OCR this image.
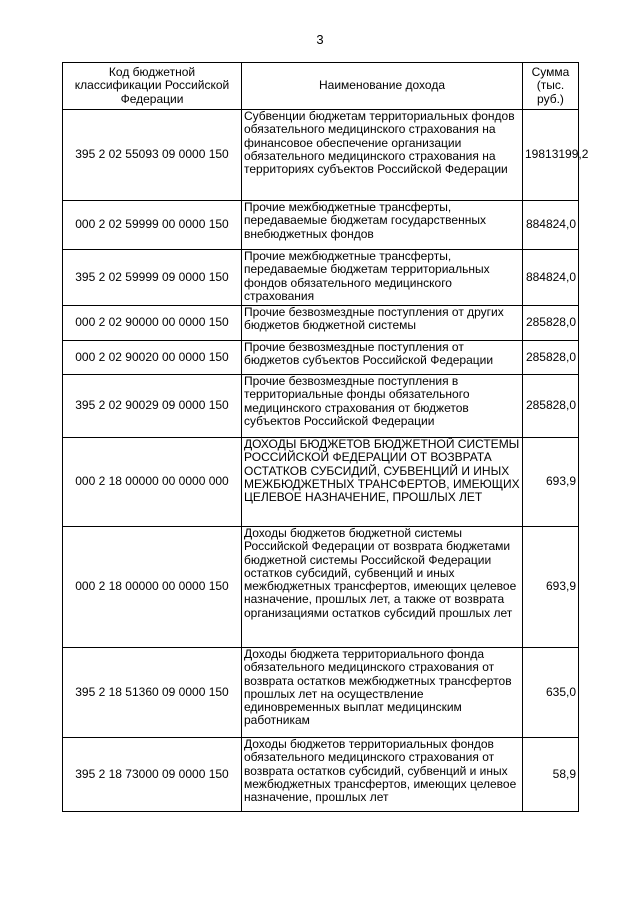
3
Код бюджетной классификации Российской Федерации	Наименование дохода	Сумма (тыс. руб.)
395 2 02 55093 09 0000 150	Субвенции бюджетам территориальных фондов обязательного медицинского страхования на финансовое обеспечение организации обязательного медицинского страхования на территориях субъектов Российской Федерации	19813199,2
000 2 02 59999 00 0000 150	Прочие межбюджетные трансферты, передаваемые бюджетам государственных внебюджетных фондов	884824,0
395 2 02 59999 09 0000 150	Прочие межбюджетные трансферты, передаваемые бюджетам территориальных фондов обязательного медицинского страхования	884824,0
000 2 02 90000 00 0000 150	Прочие безвозмездные поступления от других бюджетов бюджетной системы	285828,0
000 2 02 90020 00 0000 150	Прочие безвозмездные поступления от бюджетов субъектов Российской Федерации	285828,0
395 2 02 90029 09 0000 150	Прочие безвозмездные поступления в территориальные фонды обязательного медицинского страхования от бюджетов субъектов Российской Федерации	285828,0
000 2 18 00000 00 0000 000	ДОХОДЫ БЮДЖЕТОВ БЮДЖЕТНОЙ СИСТЕМЫ РОССИЙСКОЙ ФЕДЕРАЦИИ ОТ ВОЗВРАТА ОСТАТКОВ СУБСИДИЙ, СУБВЕНЦИЙ И ИНЫХ МЕЖБЮДЖЕТНЫХ ТРАНСФЕРТОВ, ИМЕЮЩИХ ЦЕЛЕВОЕ НАЗНАЧЕНИЕ, ПРОШЛЫХ ЛЕТ	693,9
000 2 18 00000 00 0000 150	Доходы бюджетов бюджетной системы Российской Федерации от возврата бюджетами бюджетной системы Российской Федерации остатков субсидий, субвенций и иных межбюджетных трансфертов, имеющих целевое назначение, прошлых лет, а также от возврата организациями остатков субсидий прошлых лет	693,9
395 2 18 51360 09 0000 150	Доходы бюджета территориального фонда обязательного медицинского страхования от возврата остатков межбюджетных трансфертов прошлых лет на осуществление единовременных выплат медицинским работникам	635,0
395 2 18 73000 09 0000 150	Доходы бюджетов территориальных фондов обязательного медицинского страхования от возврата остатков субсидий, субвенций и иных межбюджетных трансфертов, имеющих целевое назначение, прошлых лет	58,9
